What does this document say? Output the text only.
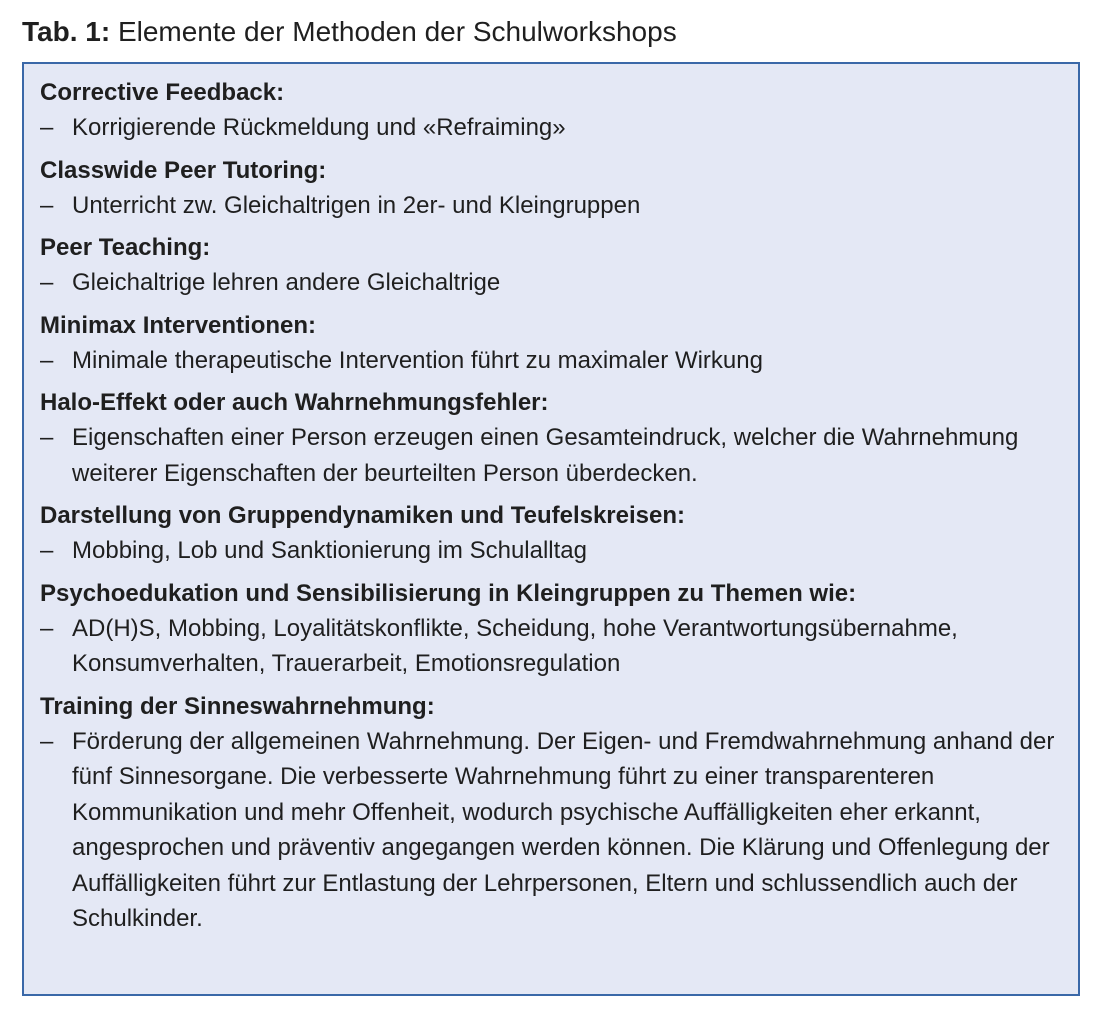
Tab. 1: Elemente der Methoden der Schulworkshops
Corrective Feedback:
– Korrigierende Rückmeldung und «Refraiming»
Classwide Peer Tutoring:
– Unterricht zw. Gleichaltrigen in 2er- und Kleingruppen
Peer Teaching:
– Gleichaltrige lehren andere Gleichaltrige
Minimax Interventionen:
– Minimale therapeutische Intervention führt zu maximaler Wirkung
Halo-Effekt oder auch Wahrnehmungsfehler:
– Eigenschaften einer Person erzeugen einen Gesamteindruck, welcher die Wahrnehmung weiterer Eigenschaften der beurteilten Person überdecken.
Darstellung von Gruppendynamiken und Teufelskreisen:
– Mobbing, Lob und Sanktionierung im Schulalltag
Psychoedukation und Sensibilisierung in Kleingruppen zu Themen wie:
– AD(H)S, Mobbing, Loyalitätskonflikte, Scheidung, hohe Verantwortungsübernahme, Konsumverhalten, Trauerarbeit, Emotionsregulation
Training der Sinneswahrnehmung:
– Förderung der allgemeinen Wahrnehmung. Der Eigen- und Fremdwahrnehmung anhand der fünf Sinnesorgane. Die verbesserte Wahrnehmung führt zu einer transparenteren Kommunikation und mehr Offenheit, wodurch psychische Auffälligkeiten eher erkannt, angesprochen und präventiv angegangen werden können. Die Klärung und Offenlegung der Auffälligkeiten führt zur Entlastung der Lehrpersonen, Eltern und schlussendlich auch der Schulkinder.
